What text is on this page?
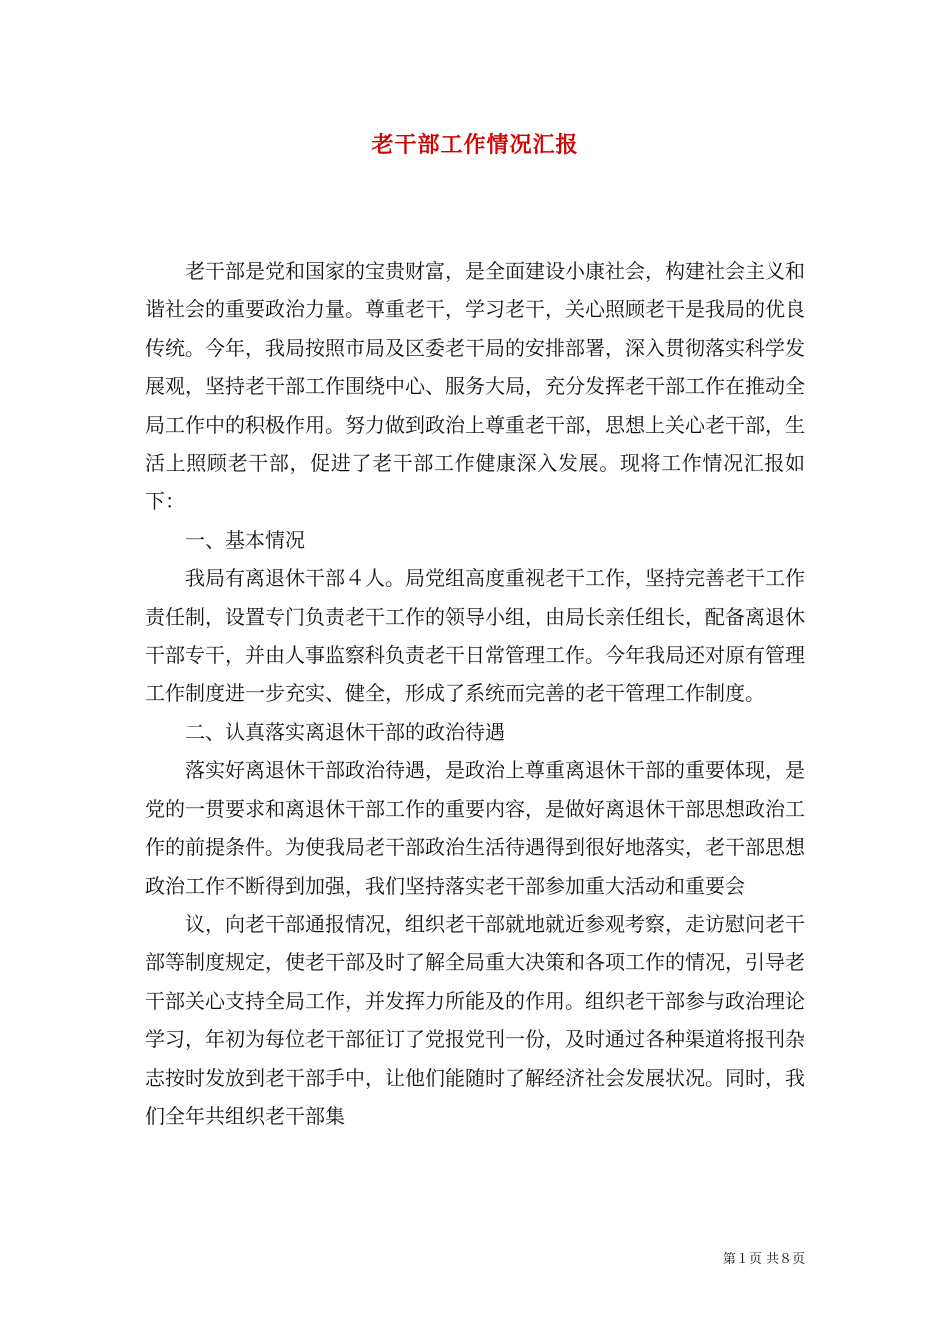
老干部工作情况汇报

老干部是党和国家的宝贵财富，是全面建设小康社会，构建社会主义和谐社会的重要政治力量。尊重老干，学习老干，关心照顾老干是我局的优良传统。今年，我局按照市局及区委老干局的安排部署，深入贯彻落实科学发展观，坚持老干部工作围绕中心、服务大局，充分发挥老干部工作在推动全局工作中的积极作用。努力做到政治上尊重老干部，思想上关心老干部，生活上照顾老干部，促进了老干部工作健康深入发展。现将工作情况汇报如下：

一、基本情况

我局有离退休干部４人。局党组高度重视老干工作，坚持完善老干工作责任制，设置专门负责老干工作的领导小组，由局长亲任组长，配备离退休干部专干，并由人事监察科负责老干日常管理工作。今年我局还对原有管理工作制度进一步充实、健全，形成了系统而完善的老干管理工作制度。

二、认真落实离退休干部的政治待遇

落实好离退休干部政治待遇，是政治上尊重离退休干部的重要体现，是党的一贯要求和离退休干部工作的重要内容，是做好离退休干部思想政治工作的前提条件。为使我局老干部政治生活待遇得到很好地落实，老干部思想政治工作不断得到加强，我们坚持落实老干部参加重大活动和重要会

议，向老干部通报情况，组织老干部就地就近参观考察，走访慰问老干部等制度规定，使老干部及时了解全局重大决策和各项工作的情况，引导老干部关心支持全局工作，并发挥力所能及的作用。组织老干部参与政治理论学习，年初为每位老干部征订了党报党刊一份，及时通过各种渠道将报刊杂志按时发放到老干部手中，让他们能随时了解经济社会发展状况。同时，我们全年共组织老干部集

第１页 共８页
